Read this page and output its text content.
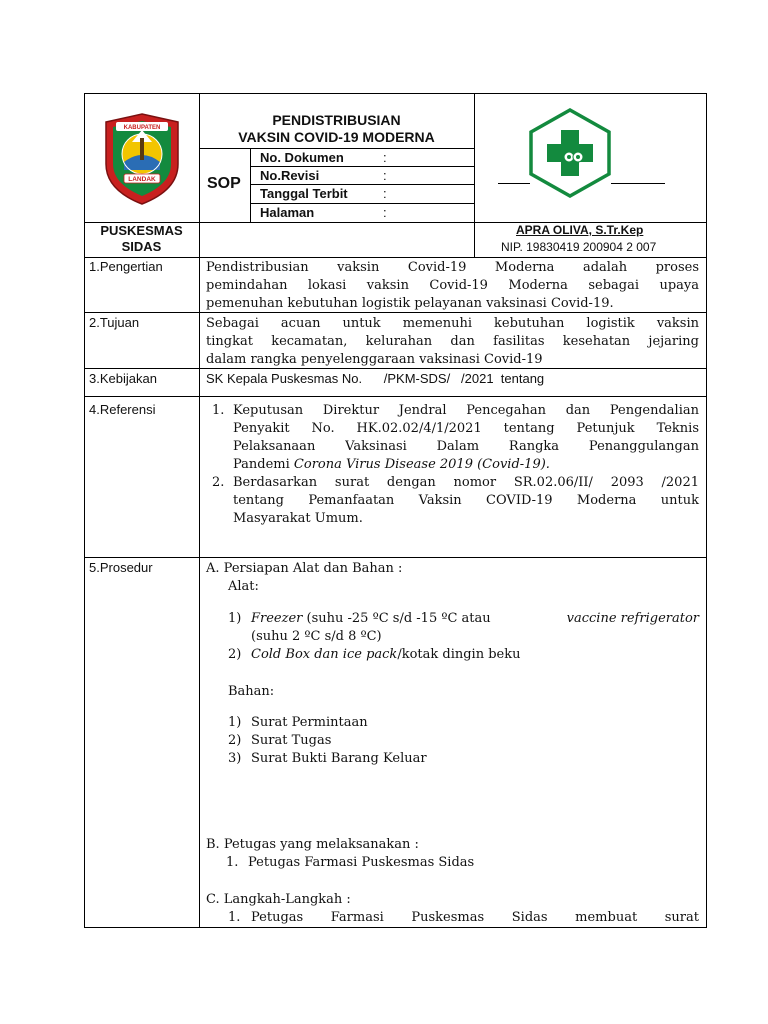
KABUPATEN
LANDAK
PENDISTRIBUSIAN
VAKSIN COVID-19 MODERNA
SOP
No. Dokumen	:
No.Revisi	:
Tanggal Terbit	:
Halaman	:
PUSKESMAS
SIDAS
APRA OLIVA, S.Tr.Kep
NIP. 19830419 200904 2 007
1.Pengertian	Pendistribusian vaksin Covid-19 Moderna adalah proses
pemindahan lokasi vaksin Covid-19 Moderna sebagai upaya
pemenuhan kebutuhan logistik pelayanan vaksinasi Covid-19.
2.Tujuan	Sebagai acuan untuk memenuhi kebutuhan logistik vaksin
tingkat kecamatan, kelurahan dan fasilitas kesehatan jejaring
dalam rangka penyelenggaraan vaksinasi Covid-19
3.Kebijakan	SK Kepala Puskesmas No.      /PKM-SDS/   /2021  tentang
4.Referensi	1. Keputusan Direktur Jendral Pencegahan dan Pengendalian
Penyakit No. HK.02.02/4/1/2021 tentang Petunjuk Teknis
Pelaksanaan Vaksinasi Dalam Rangka Penanggulangan
Pandemi Corona Virus Disease 2019 (Covid-19).
2. Berdasarkan surat dengan nomor SR.02.06/II/ 2093 /2021
tentang Pemanfaatan Vaksin COVID-19 Moderna untuk
Masyarakat Umum.
5.Prosedur	A. Persiapan Alat dan Bahan :
Alat:
1) Freezer (suhu -25 ºC s/d -15 ºC atau	vaccine refrigerator
(suhu 2 ºC s/d 8 ºC)
2) Cold Box dan ice pack/kotak dingin beku
Bahan:
1) Surat Permintaan
2) Surat Tugas
3) Surat Bukti Barang Keluar
B. Petugas yang melaksanakan :
1. Petugas Farmasi Puskesmas Sidas
C. Langkah-Langkah :
1. Petugas Farmasi Puskesmas Sidas membuat surat
